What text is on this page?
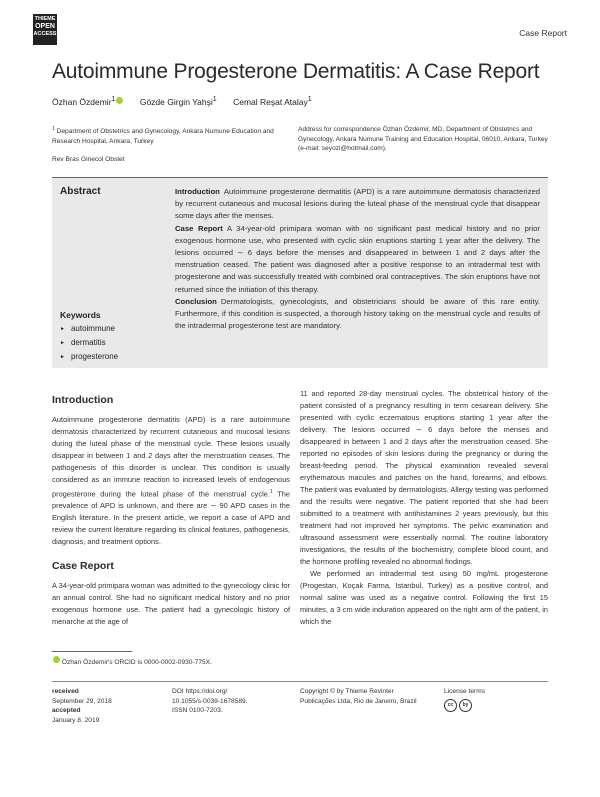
THIEME
OPEN
ACCESS	Case Report
Autoimmune Progesterone Dermatitis: A Case Report
Özhan Özdemir$^1$	Gözde Girgin Yahşi$^1$ Cemal Reşat Atalay$^1$
$^1$ Department of Obstetrics and Gynecology, Ankara Numune Education and Research Hospital, Ankara, Turkey
Rev Bras Ginecol Obstet
Address for correspondence Özhan Özdemir, MD, Department of Obstetrics and Gynecology, Ankara Numune Training and Education Hospital, 06010, Ankara, Turkey (e-mail: seyozi@hotmail.com).
Abstract
Keywords
► autoimmune
► dermatitis
► progesterone

Introduction Autoimmune progesterone dermatitis (APD) is a rare autoimmune dermatosis characterized by recurrent cutaneous and mucosal lesions during the luteal phase of the menstrual cycle that disappear some days after the menses.

Case Report A 34-year-old primipara woman with no significant past medical history and no prior exogenous hormone use, who presented with cyclic skin eruptions starting 1 year after the delivery. The lesions occurred ∼ 6 days before the menses and disappeared in between 1 and 2 days after the menstruation ceased. The patient was diagnosed after a positive response to an intradermal test with progesterone and was successfully treated with combined oral contraceptives. The skin eruptions have not returned since the initiation of this therapy.

Conclusion Dermatologists, gynecologists, and obstetricians should be aware of this rare entity. Furthermore, if this condition is suspected, a thorough history taking on the menstrual cycle and results of the intradermal progesterone test are mandatory.

Introduction

Autoimmune progesterone dermatitis (APD) is a rare autoimmune dermatosis characterized by recurrent cutaneous and mucosal lesions during the luteal phase of the menstrual cycle. These lesions usually disappear in between 1 and 2 days after the menstruation ceases. The pathogenesis of this disorder is unclear. This condition is usually considered as an immune reaction to increased levels of endogenous progesterone during the luteal phase of the menstrual cycle.$^1$ The prevalence of APD is unknown, and there are ∼ 90 APD cases in the English literature. In the present article, we report a case of APD and review the current literature regarding its clinical features, pathogenesis, diagnosis, and treatment options.

Case Report

A 34-year-old primipara woman was admitted to the gynecology clinic for an annual control. She had no significant medical history and no prior exogenous hormone use. The patient had a gynecologic history of menarche at the age of

11 and reported 28-day menstrual cycles. The obstetrical history of the patient consisted of a pregnancy resulting in term cesarean delivery. She presented with cyclic eczematous eruptions starting 1 year after the delivery. The lesions occurred ∼ 6 days before the menses and disappeared in between 1 and 2 days after the menstruation ceased. She reported no episodes of skin lesions during the pregnancy or during the breast-feeding period. The physical examination revealed several erythematous macules and patches on the hand, forearms, and elbows. The patient was evaluated by dermatologists. Allergy testing was performed and the results were negative. The patient reported that she had been submitted to a treatment with antihistamines 2 years previously, but this treatment had not improved her symptoms. The pelvic examination and ultrasound assessment were essentially normal. The routine laboratory investigations, the results of the biochemistry, complete blood count, and the hormone profiling revealed no abnormal findings.

We performed an intradermal test using 50 mg/mL progesterone (Progestan, Koçak Farma, Istanbul, Turkey) as a positive control, and normal saline was used as a negative control. Following the first 15 minutes, a 3 cm wide induration appeared on the right arm of the patient, in which the

Özhan Özdemir's ORCID is 0000-0002-0930-775X.
received
September 29, 2018
accepted
January 8, 2019
DOI https://doi.org/
10.1055/s-0039-1678589.
ISSN 0100-7203.
Copyright © by Thieme Revinter
Publicações Ltda, Rio de Janeiro, Brazil
License terms
cc by
